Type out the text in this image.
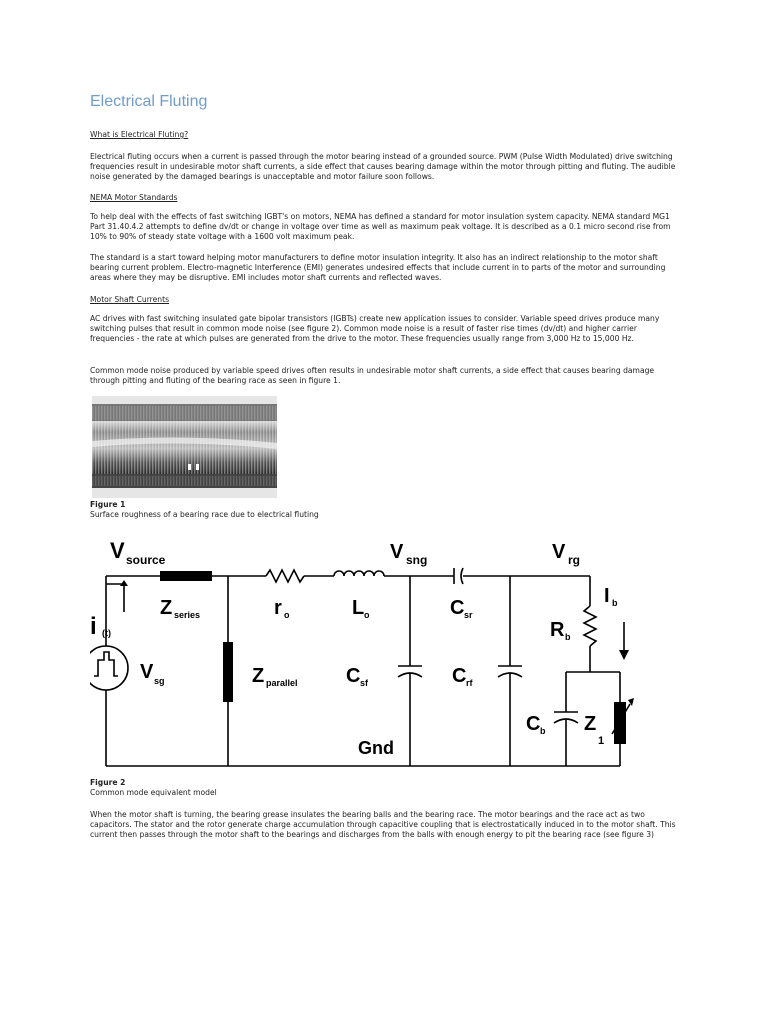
Electrical Fluting
What is Electrical Fluting?
Electrical fluting occurs when a current is passed through the motor bearing instead of a grounded source. PWM (Pulse Width Modulated) drive switching frequencies result in undesirable motor shaft currents, a side effect that causes bearing damage within the motor through pitting and fluting. The audible noise generated by the damaged bearings is unacceptable and motor failure soon follows.
NEMA Motor Standards
To help deal with the effects of fast switching IGBT's on motors, NEMA has defined a standard for motor insulation system capacity. NEMA standard MG1 Part 31.40.4.2 attempts to define dv/dt or change in voltage over time as well as maximum peak voltage. It is described as a 0.1 micro second rise from 10% to 90% of steady state voltage with a 1600 volt maximum peak.
The standard is a start toward helping motor manufacturers to define motor insulation integrity. It also has an indirect relationship to the motor shaft bearing current problem. Electro-magnetic Interference (EMI) generates undesired effects that include current in to parts of the motor and surrounding areas where they may be disruptive. EMI includes motor shaft currents and reflected waves.
Motor Shaft Currents
AC drives with fast switching insulated gate bipolar transistors (IGBTs) create new application issues to consider. Variable speed drives produce many switching pulses that result in common mode noise (see figure 2). Common mode noise is a result of faster rise times (dv/dt) and higher carrier frequencies - the rate at which pulses are generated from the drive to the motor. These frequencies usually range from 3,000 Hz to 15,000 Hz.
Common mode noise produced by variable speed drives often results in undesirable motor shaft currents, a side effect that causes bearing damage through pitting and fluting of the bearing race as seen in figure 1.
Figure 1
Surface roughness of a bearing race due to electrical fluting
V source	V sng	V rg
i (t)
Z series	r o	L o	C sr
I b
R b
V sg	Z parallel C sf	C rf
C b Z
1
Gnd
Figure 2
Common mode equivalent model
When the motor shaft is turning, the bearing grease insulates the bearing balls and the bearing race. The motor bearings and the race act as two capacitors. The stator and the rotor generate charge accumulation through capacitive coupling that is electrostatically induced in to the motor shaft. This current then passes through the motor shaft to the bearings and discharges from the balls with enough energy to pit the bearing race (see figure 3)
